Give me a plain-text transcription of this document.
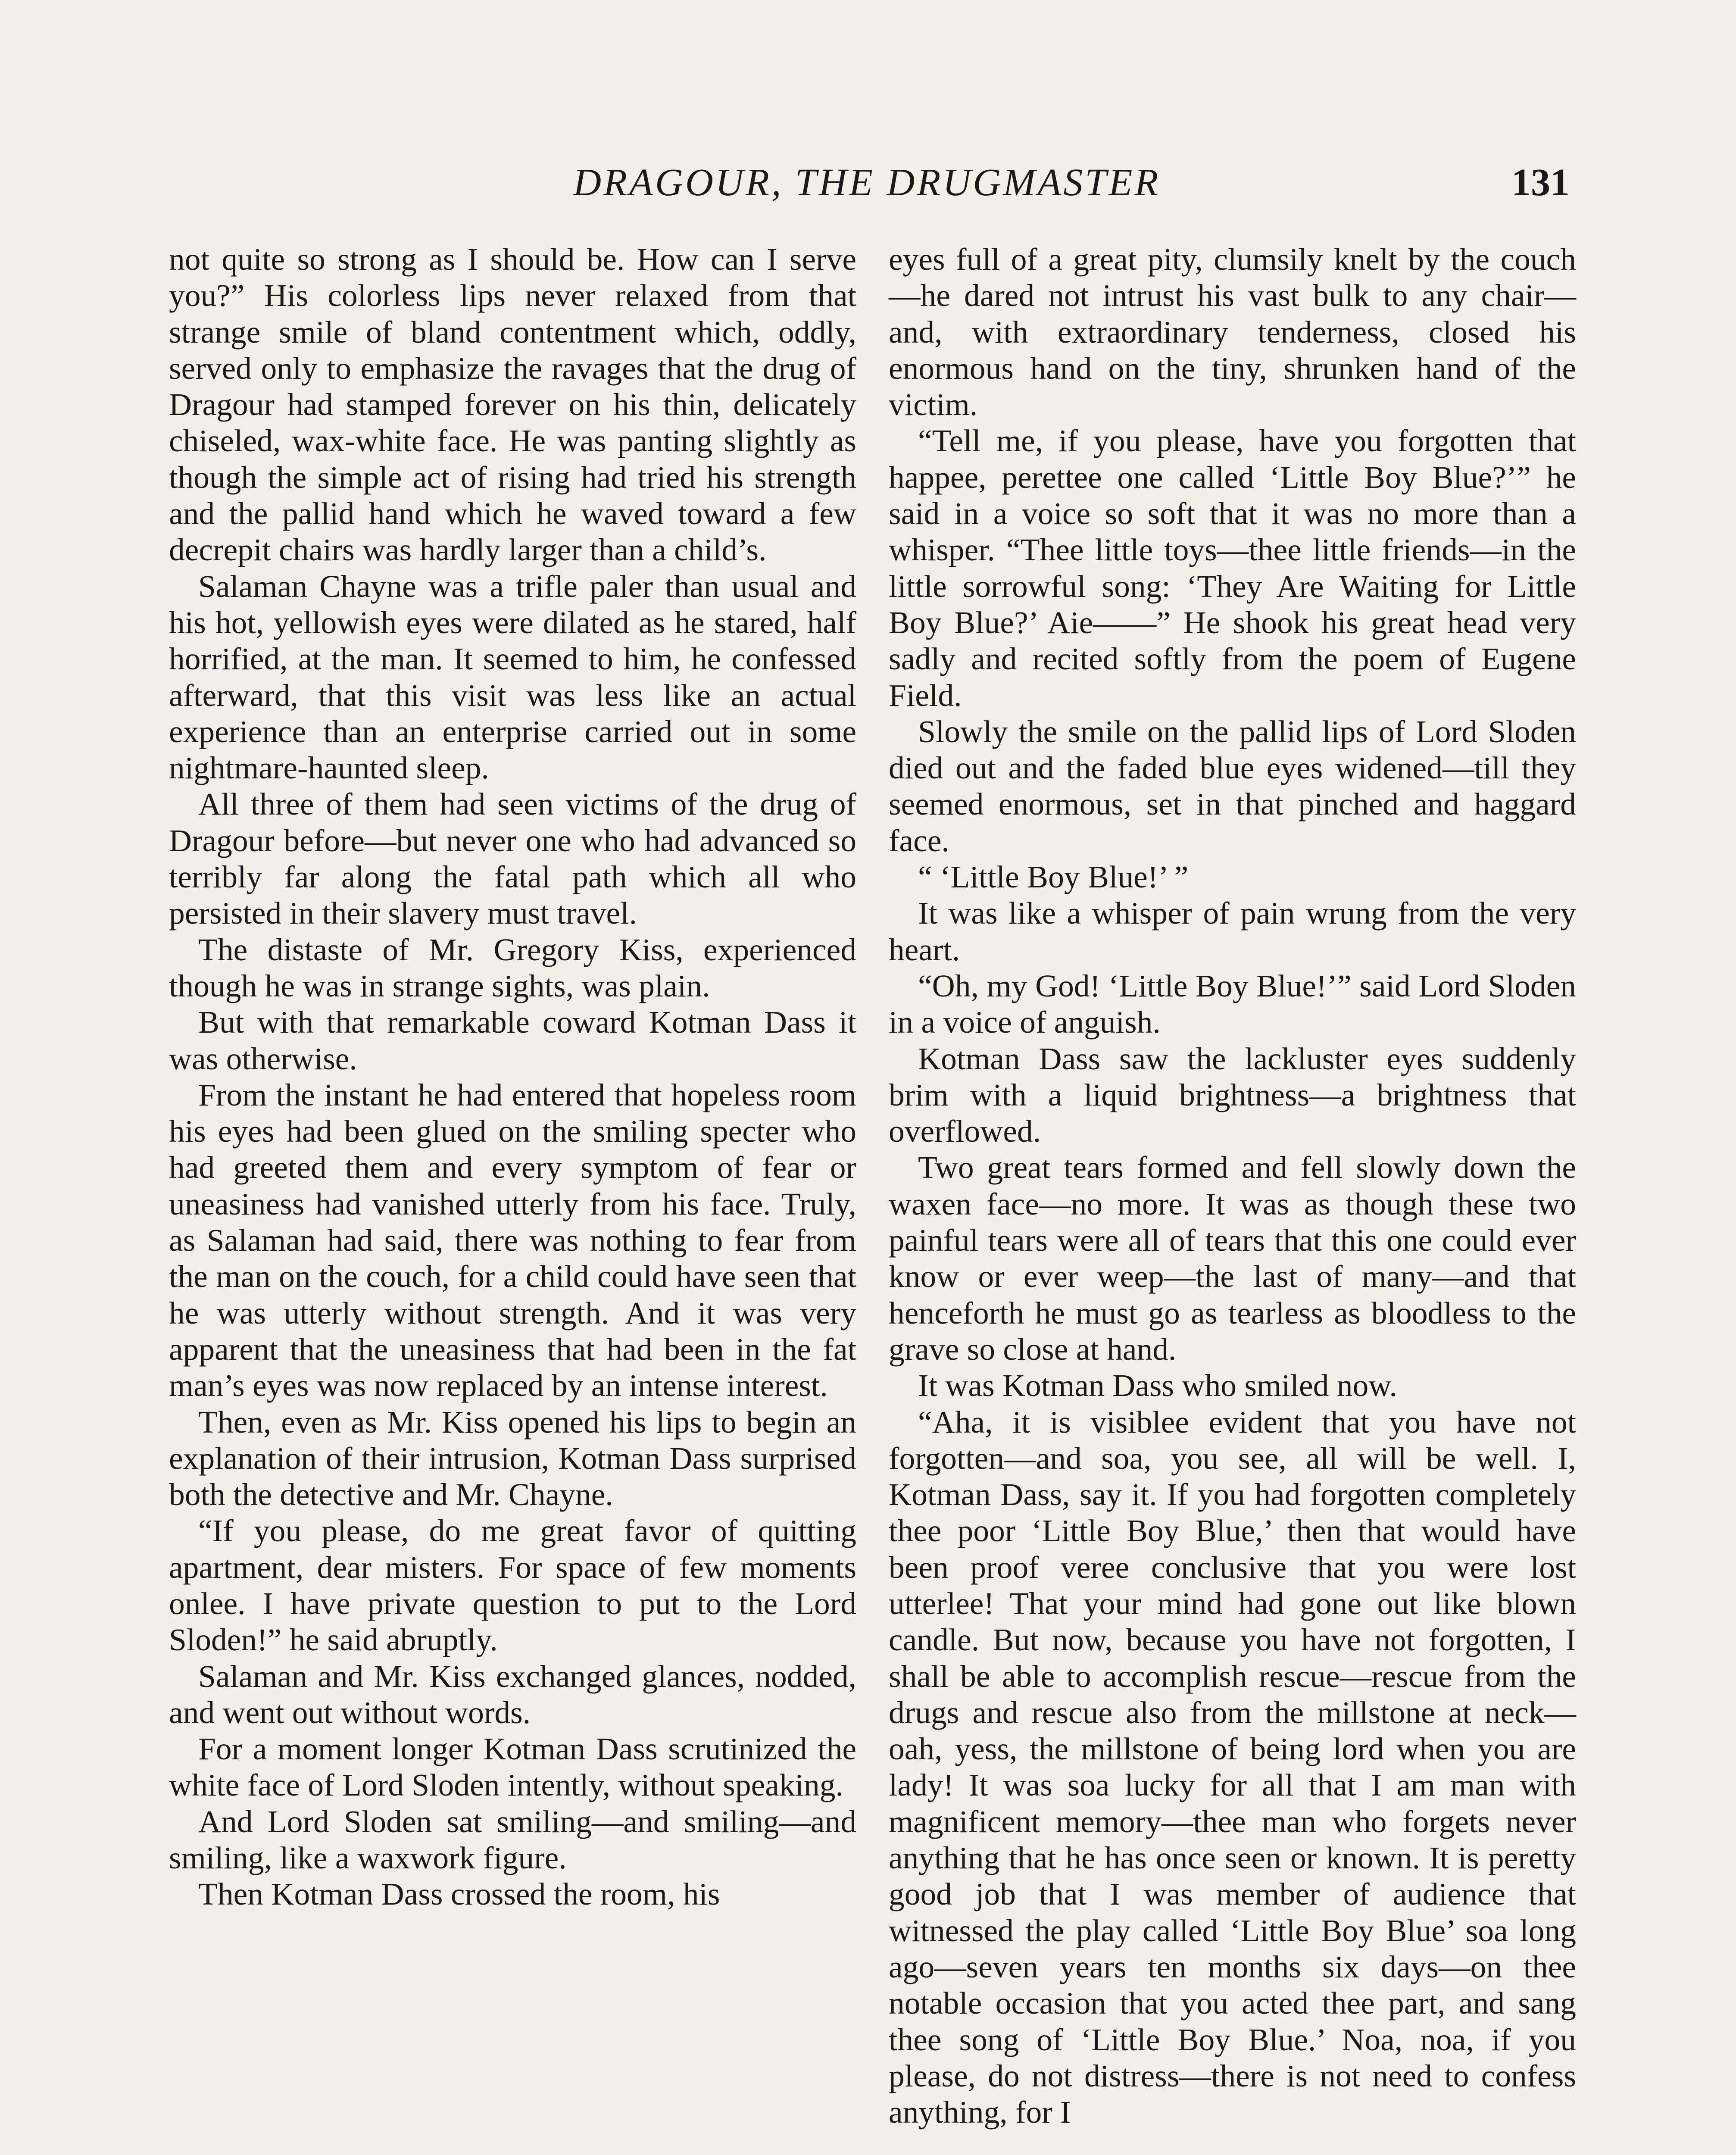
DRAGOUR, THE DRUGMASTER	131

not quite so strong as I should be. How can I serve you?” His colorless lips never relaxed from that strange smile of bland contentment which, oddly, served only to emphasize the ravages that the drug of Dragour had stamped forever on his thin, delicately chiseled, wax-white face. He was panting slightly as though the simple act of rising had tried his strength and the pallid hand which he waved toward a few decrepit chairs was hardly larger than a child’s.

Salaman Chayne was a trifle paler than usual and his hot, yellowish eyes were dilated as he stared, half horrified, at the man. It seemed to him, he confessed afterward, that this visit was less like an actual experience than an enterprise carried out in some nightmare-haunted sleep.

All three of them had seen victims of the drug of Dragour before—but never one who had advanced so terribly far along the fatal path which all who persisted in their slavery must travel.

The distaste of Mr. Gregory Kiss, experienced though he was in strange sights, was plain.

But with that remarkable coward Kotman Dass it was otherwise.

From the instant he had entered that hopeless room his eyes had been glued on the smiling specter who had greeted them and every symptom of fear or uneasiness had vanished utterly from his face. Truly, as Salaman had said, there was nothing to fear from the man on the couch, for a child could have seen that he was utterly without strength. And it was very apparent that the uneasiness that had been in the fat man’s eyes was now replaced by an intense interest.

Then, even as Mr. Kiss opened his lips to begin an explanation of their intrusion, Kotman Dass surprised both the detective and Mr. Chayne.

“If you please, do me great favor of quitting apartment, dear misters. For space of few moments onlee. I have private question to put to the Lord Sloden!” he said abruptly.

Salaman and Mr. Kiss exchanged glances, nodded, and went out without words.

For a moment longer Kotman Dass scrutinized the white face of Lord Sloden intently, without speaking.

And Lord Sloden sat smiling—and smiling—and smiling, like a waxwork figure.

Then Kotman Dass crossed the room, his

eyes full of a great pity, clumsily knelt by the couch—he dared not intrust his vast bulk to any chair—and, with extraordinary tenderness, closed his enormous hand on the tiny, shrunken hand of the victim.

“Tell me, if you please, have you forgotten that happee, perettee one called ‘Little Boy Blue?’” he said in a voice so soft that it was no more than a whisper. “Thee little toys—thee little friends—in the little sorrowful song: ‘They Are Waiting for Little Boy Blue?’ Aie——” He shook his great head very sadly and recited softly from the poem of Eugene Field.

Slowly the smile on the pallid lips of Lord Sloden died out and the faded blue eyes widened—till they seemed enormous, set in that pinched and haggard face.

“ ‘Little Boy Blue!’ ”

It was like a whisper of pain wrung from the very heart.

“Oh, my God! ‘Little Boy Blue!’” said Lord Sloden in a voice of anguish.

Kotman Dass saw the lackluster eyes suddenly brim with a liquid brightness—a brightness that overflowed.

Two great tears formed and fell slowly down the waxen face—no more. It was as though these two painful tears were all of tears that this one could ever know or ever weep—the last of many—and that henceforth he must go as tearless as bloodless to the grave so close at hand.

It was Kotman Dass who smiled now.

“Aha, it is visiblee evident that you have not forgotten—and soa, you see, all will be well. I, Kotman Dass, say it. If you had forgotten completely thee poor ‘Little Boy Blue,’ then that would have been proof veree conclusive that you were lost utterlee! That your mind had gone out like blown candle. But now, because you have not forgotten, I shall be able to accomplish rescue—rescue from the drugs and rescue also from the millstone at neck—oah, yess, the millstone of being lord when you are lady! It was soa lucky for all that I am man with magnificent memory—thee man who forgets never anything that he has once seen or known. It is peretty good job that I was member of audience that witnessed the play called ‘Little Boy Blue’ soa long ago—seven years ten months six days—on thee notable occasion that you acted thee part, and sang thee song of ‘Little Boy Blue.’ Noa, noa, if you please, do not distress—there is not need to confess anything, for I
